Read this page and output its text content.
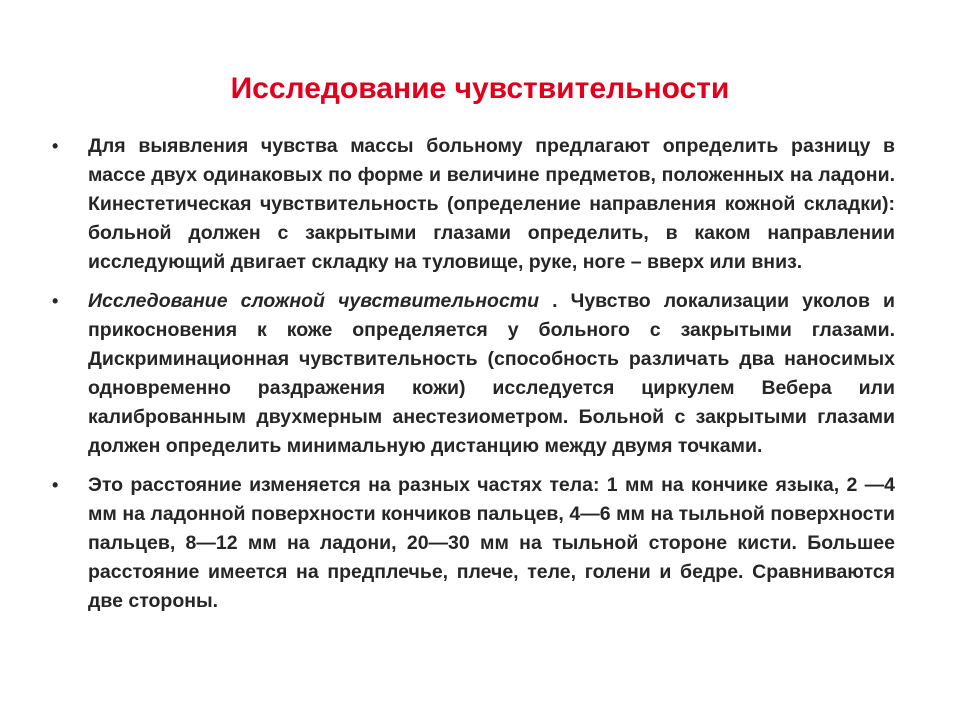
Исследование чувствительности
•	Для выявления чувства массы больному предлагают определить разницу в массе двух одинаковых по форме и величине предметов, положенных на ладони. Кинестетическая чувствительность (определение направления кожной складки): больной должен с закрытыми глазами определить, в каком направлении исследующий двигает складку на туловище, руке, ноге – вверх или вниз.
•	Исследование сложной чувствительности . Чувство локализации уколов и прикосновения к коже определяется у больного с закрытыми глазами. Дискриминационная чувствительность (способность различать два наносимых одновременно раздражения кожи) исследуется циркулем Вебера или калиброванным двухмерным анестезиометром. Больной с закрытыми глазами должен определить минимальную дистанцию между двумя точками.
•	Это расстояние изменяется на разных частях тела: 1 мм на кончике языка, 2 —4 мм на ладонной поверхности кончиков пальцев, 4—6 мм на тыльной поверхности пальцев, 8—12 мм на ладони, 20—30 мм на тыльной стороне кисти. Большее расстояние имеется на предплечье, плече, теле, голени и бедре. Сравниваются две стороны.
